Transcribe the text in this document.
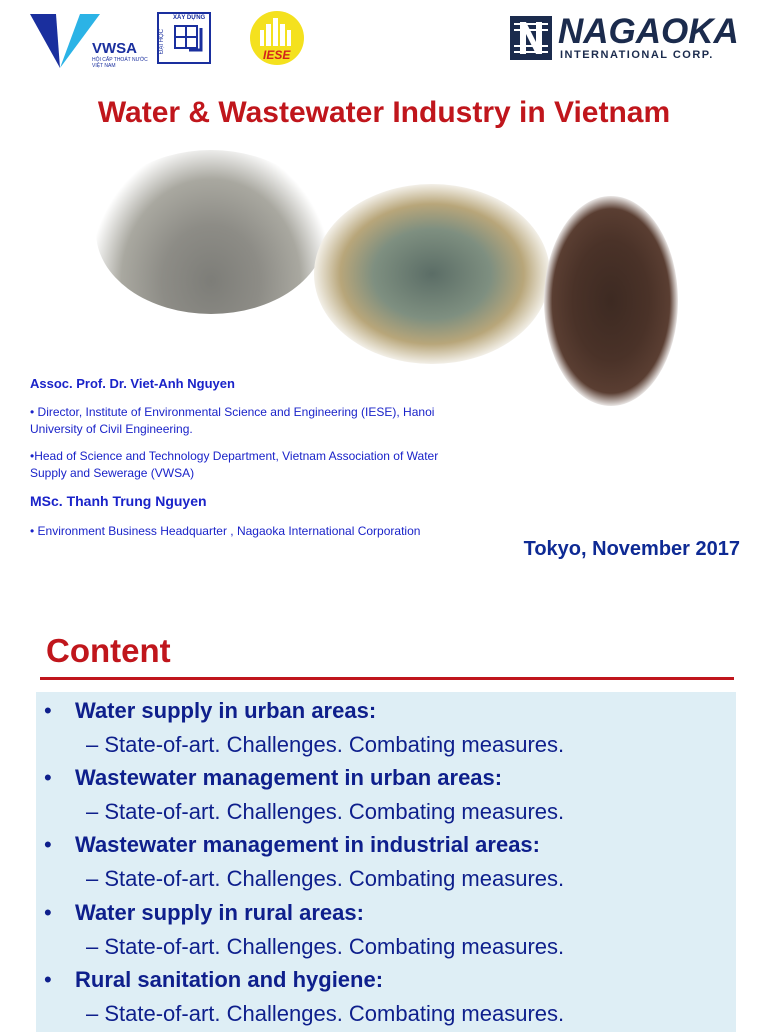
VWSA
HỘI CẤP THOÁT NƯỚC VIỆT NAM
XÂY DỰNG
ĐẠI HỌC
IESE
NAGAOKA
INTERNATIONAL CORP.
Water & Wastewater Industry in Vietnam
Assoc. Prof. Dr. Viet-Anh Nguyen
• Director, Institute of Environmental Science and Engineering (IESE), Hanoi University of Civil Engineering.
•Head of Science and Technology Department, Vietnam Association of Water Supply and Sewerage (VWSA)
MSc. Thanh Trung Nguyen
• Environment Business Headquarter , Nagaoka International Corporation
Tokyo, November 2017
Content
• Water supply in urban areas:
– State-of-art. Challenges. Combating measures.
• Wastewater management in urban areas:
– State-of-art. Challenges. Combating measures.
• Wastewater management in industrial areas:
– State-of-art. Challenges. Combating measures.
• Water supply in rural areas:
– State-of-art. Challenges. Combating measures.
• Rural sanitation and hygiene:
– State-of-art. Challenges. Combating measures.
